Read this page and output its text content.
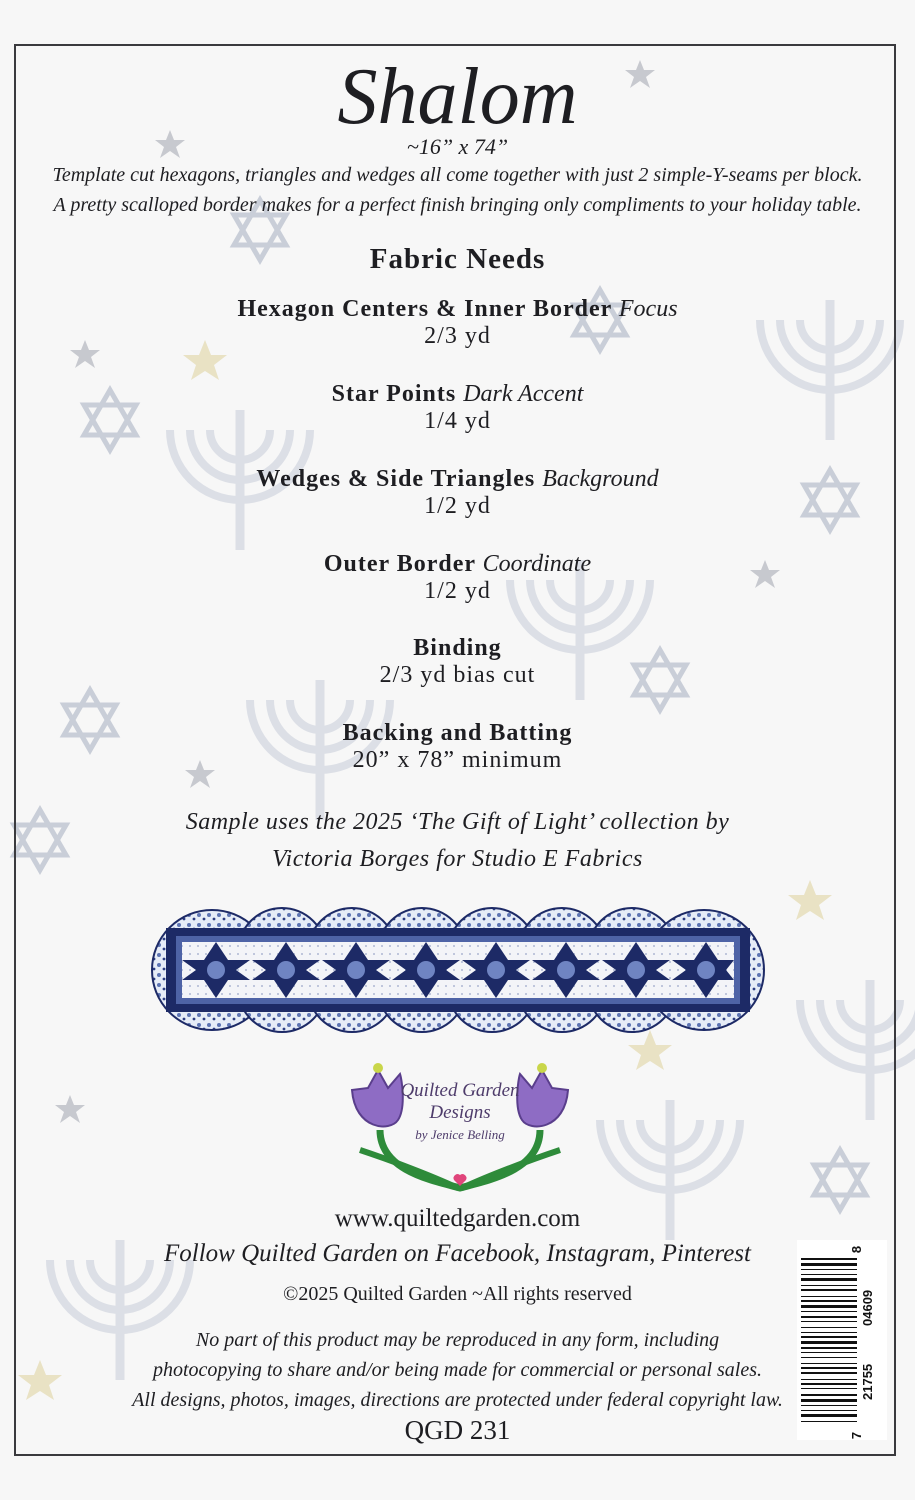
Shalom
~16” x 74”
Template cut hexagons, triangles and wedges all come together with just 2 simple-Y-seams per block.
A pretty scalloped border makes for a perfect finish bringing only compliments to your holiday table.
Fabric Needs
Hexagon Centers & Inner Border Focus
2/3 yd
Star Points Dark Accent
1/4 yd
Wedges & Side Triangles Background
1/2 yd
Outer Border Coordinate
1/2 yd
Binding
2/3 yd bias cut
Backing and Batting
20” x 78” minimum
Sample uses the 2025 ‘The Gift of Light’ collection by
Victoria Borges for Studio E Fabrics
Quilted Garden
Designs
by Jenice Belling
www.quiltedgarden.com
Follow Quilted Garden on Facebook, Instagram, Pinterest
©2025 Quilted Garden ~All rights reserved
No part of this product may be reproduced in any form, including
photocopying to share and/or being made for commercial or personal sales.
All designs, photos, images, directions are protected under federal copyright law.
QGD 231
8
04609
21755
7
